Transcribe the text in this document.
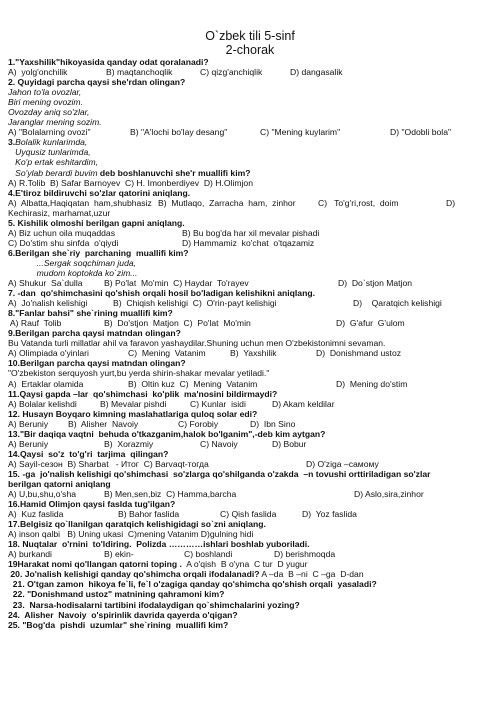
O`zbek tili 5-sinf
2-chorak
1."Yaxshilik"hikoyasida qanday odat qoralanadi?
A)  yolg'onchilik	B) maqtanchoqlik	C) qizg'anchiqlik	D) dangasalik
2. Quyidagi parcha qaysi she'rdan olingan?
Jahon to'la ovozlar,
Biri mening ovozim.
Ovozday aniq so'zlar,
Jaranglar mening sozim.
A) "Bolalarning ovozi"	B) "A'lochi bo'lay desang"	C) "Mening kuylarim"	D) "Odobli bola"
3. Bolalik kunlarimda,
Uyqusiz tunlarimda,
Ko'p ertak eshitardim,
So'ylab berardi buvim deb boshlanuvchi she'r muallifi kim?
A) R.Tolib  B) Safar Barnoyev  C) H. Imonberdiyev  D) H.Olimjon
4.E'tiroz bildiruvchi so'zlar qatorini aniqlang.
A)  Albatta,Haqiqatan  ham,shubhasiz B)  Mutlaqo,  Zarracha  ham,  zinhor	C)   To'g'ri,rost,  doim	D)
Kechirasiz, marhamat,uzur
5. Kishilik olmoshi berilgan gapni aniqlang.
A) Biz uchun oila muqaddas	B) Bu bog'da har xil mevalar pishadi
C) Do'stim shu sinfda  o'qiydi	D) Hammamiz  ko'chat  o'tqazamiz
6.Berilgan she`riy  parchaning  muallifi kim?
...Sergak soqchiman juda,
mudom koptokda ko`zim...
A) Shukur  Sa`dulla	B) Po'lat  Mo'min  C) Haydar  To'rayev	D)  Do`stjon Matjon
7. -dan  qo'shimchasini qo'shish orqali hosil bo'ladigan kelishikni aniqlang.
A)  Jo'nalish kelishigi	B)  Chiqish kelishigi  C)  O'rin-payt kelishigi	D)    Qaratqich kelishigi
8."Fanlar bahsi" she`rining muallifi kim?
A) Rauf  Tolib	B)  Do'stjon  Matjon  C)  Po'lat  Mo'min	D)  G'afur  G'ulom
9.Berilgan parcha qaysi matndan olingan?
Bu Vatanda turli millatlar ahil va faravon yashaydilar.Shuning uchun men O'zbekistonimni sevaman.
A) Olimpiada o'yinlari	C)  Mening  Vatanim	B)  Yaxshilik	D)  Donishmand ustoz
10.Berilgan parcha qaysi matndan olingan?
"O'zbekiston serquyosh yurt,bu yerda shirin-shakar mevalar yetiladi."
A)  Ertaklar olamida	B)  Oltin kuz  C)  Mening  Vatanim	D)  Mening do'stim
11.Qaysi gapda –lar  qo'shimchasi  ko'plik  ma'nosini bildirmaydi?
A) Bolalar kelishdi	B) Mevalar pishdi	C) Kunlar  isidi	D) Akam keldilar
12. Husayn Boyqaro kimning maslahatlariga quloq solar edi?
A) Beruniy	B)  Alisher  Navoiy	C) Forobiy	D)  Ibn Sino
13."Bir daqiqa vaqtni  behuda o'tkazganim,halok bo'lganim",-deb kim aytgan?
A) Beruniy	B)  Xorazmiy	C) Navoiy	D) Bobur
14.Qaysi  so'z  to'g'ri  tarjima  qilingan?
A) Sayil-сезон  B) Sharbat   - Итог  C) Barvaqt-тогда	D) O'ziga –самому
15. -ga  jo'nalish kelishigi qo'shimchasi  so'zlarga qo'shilganda o'zakda  –n tovushi orttiriladigan so'zlar
berilgan qatorni aniqlang
A) U,bu,shu,o'sha	B) Men,sen,biz  C) Hamma,barcha	D) Aslo,sira,zinhor
16.Hamid Olimjon qaysi faslda tug'ilgan?
A)  Kuz faslida	B) Bahor faslida	C) Qish faslida	D)  Yoz faslida
17.Belgisiz qo`llanilgan qaratqich kelishigidagi so`zni aniqlang.
A) inson qalbi   B) Uning ukasi  C)mening Vatanim D)gulning hidi
18. Nuqtalar  o'rnini  to'ldiring.  Polizda …………ishlari boshlab yuboriladi.
A) burkandi	B) ekin-	C) boshlandi	D) berishmoqda
19Harakat nomi qo'llangan qatorni toping . A o'qish  B o'yna  C tur  D yugur
20. Jo'nalish kelishigi qanday qo'shimcha orqali ifodalanadi? A –da  B –ni  C –ga  D-dan
21. O'tgan zamon  hikoya fe`li, fe`l o'zagiga qanday qo'shimcha qo'shish orqali  yasaladi?
22. "Donishmand ustoz" matnining qahramoni kim?
23.  Narsa-hodisalarni tartibini ifodalaydigan qo`shimchalarini yozing?
24.  Alisher  Navoiy  o'spirinlik davrida qayerda o'qigan?
25. "Bog'da  pishdi  uzumlar" she`rining  muallifi kim?
